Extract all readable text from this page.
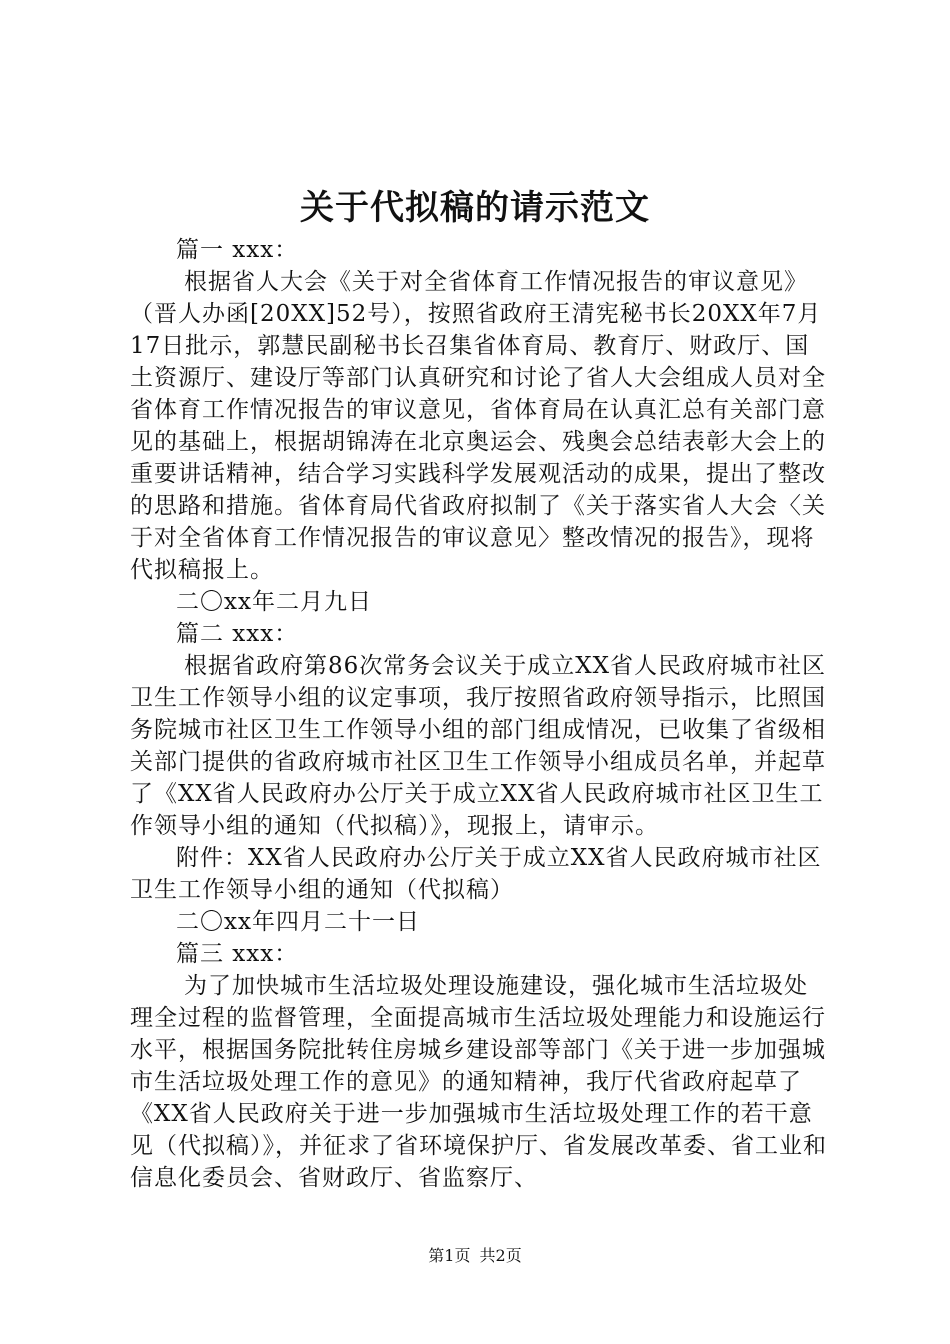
关于代拟稿的请示范文

篇一 xxx：

根据省人大会《关于对全省体育工作情况报告的审议意见》（晋人办函[20XX]52号），按照省政府王清宪秘书长20XX年7月17日批示，郭慧民副秘书长召集省体育局、教育厅、财政厅、国土资源厅、建设厅等部门认真研究和讨论了省人大会组成人员对全省体育工作情况报告的审议意见，省体育局在认真汇总有关部门意见的基础上，根据胡锦涛在北京奥运会、残奥会总结表彰大会上的重要讲话精神，结合学习实践科学发展观活动的成果，提出了整改的思路和措施。省体育局代省政府拟制了《关于落实省人大会〈关于对全省体育工作情况报告的审议意见〉整改情况的报告》，现将代拟稿报上。

二〇xx年二月九日

篇二 xxx：

根据省政府第86次常务会议关于成立XX省人民政府城市社区卫生工作领导小组的议定事项，我厅按照省政府领导指示，比照国务院城市社区卫生工作领导小组的部门组成情况，已收集了省级相关部门提供的省政府城市社区卫生工作领导小组成员名单，并起草了《XX省人民政府办公厅关于成立XX省人民政府城市社区卫生工作领导小组的通知（代拟稿）》，现报上，请审示。

附件：XX省人民政府办公厅关于成立XX省人民政府城市社区卫生工作领导小组的通知（代拟稿）

二〇xx年四月二十一日

篇三 xxx：

为了加快城市生活垃圾处理设施建设，强化城市生活垃圾处理全过程的监督管理，全面提高城市生活垃圾处理能力和设施运行水平，根据国务院批转住房城乡建设部等部门《关于进一步加强城市生活垃圾处理工作的意见》的通知精神，我厅代省政府起草了《XX省人民政府关于进一步加强城市生活垃圾处理工作的若干意见（代拟稿）》，并征求了省环境保护厅、省发展改革委、省工业和信息化委员会、省财政厅、省监察厅、

第1页 共2页
